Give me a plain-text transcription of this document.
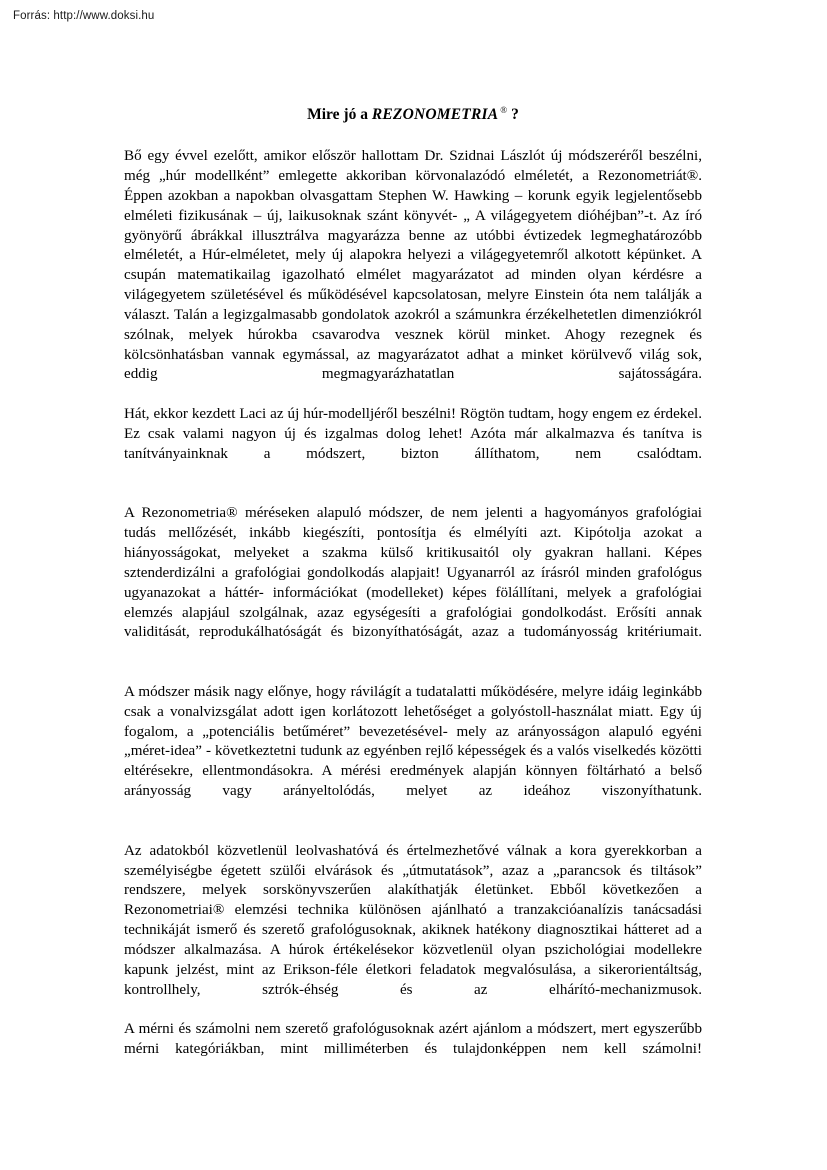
Forrás: http://www.doksi.hu
Mire jó a REZONOMETRIA ® ?

Bő egy évvel ezelőtt, amikor először hallottam Dr. Szidnai Lászlót új módszeréről beszélni, még „húr modellként” emlegette akkoriban körvonalazódó elméletét, a Rezonometriát®. Éppen azokban a napokban olvasgattam Stephen W. Hawking – korunk egyik legjelentősebb elméleti fizikusának – új, laikusoknak szánt könyvét- „ A világegyetem dióhéjban”-t. Az író gyönyörű ábrákkal illusztrálva magyarázza benne az utóbbi évtizedek legmeghatározóbb elméletét, a Húr-elméletet, mely új alapokra helyezi a világegyetemről alkotott képünket. A csupán matematikailag igazolható elmélet magyarázatot ad minden olyan kérdésre a világegyetem születésével és működésével kapcsolatosan, melyre Einstein óta nem találják a választ. Talán a legizgalmasabb gondolatok azokról a számunkra érzékelhetetlen dimenziókról szólnak, melyek húrokba csavarodva vesznek körül minket. Ahogy rezegnek és kölcsönhatásban vannak egymással, az magyarázatot adhat a minket körülvevő világ sok, eddig megmagyarázhatatlan sajátosságára.

Hát, ekkor kezdett Laci az új húr-modelljéről beszélni! Rögtön tudtam, hogy engem ez érdekel. Ez csak valami nagyon új és izgalmas dolog lehet! Azóta már alkalmazva és tanítva is tanítványainknak a módszert, bizton állíthatom, nem csalódtam.

A Rezonometria® méréseken alapuló módszer, de nem jelenti a hagyományos grafológiai tudás mellőzését, inkább kiegészíti, pontosítja és elmélyíti azt. Kipótolja azokat a hiányosságokat, melyeket a szakma külső kritikusaitól oly gyakran hallani. Képes sztenderdizálni a grafológiai gondolkodás alapjait! Ugyanarról az írásról minden grafológus ugyanazokat a háttér- információkat (modelleket) képes fölállítani, melyek a grafológiai elemzés alapjául szolgálnak, azaz egységesíti a grafológiai gondolkodást. Erősíti annak validitását, reprodukálhatóságát és bizonyíthatóságát, azaz a tudományosság kritériumait.

A módszer másik nagy előnye, hogy rávilágít a tudatalatti működésére, melyre idáig leginkább csak a vonalvizsgálat adott igen korlátozott lehetőséget a golyóstoll-használat miatt. Egy új fogalom, a „potenciális betűméret” bevezetésével- mely az arányosságon alapuló egyéni „méret-idea” - következtetni tudunk az egyénben rejlő képességek és a valós viselkedés közötti eltérésekre, ellentmondásokra. A mérési eredmények alapján könnyen föltárható a belső arányosság vagy arányeltolódás, melyet az ideához viszonyíthatunk.

Az adatokból közvetlenül leolvashatóvá és értelmezhetővé válnak a kora gyerekkorban a személyiségbe égetett szülői elvárások és „útmutatások”, azaz a „parancsok és tiltások” rendszere, melyek sorskönyvszerűen alakíthatják életünket. Ebből következően a Rezonometriai® elemzési technika különösen ajánlható a tranzakcióanalízis tanácsadási technikáját ismerő és szerető grafológusoknak, akiknek hatékony diagnosztikai hátteret ad a módszer alkalmazása. A húrok értékelésekor közvetlenül olyan pszichológiai modellekre kapunk jelzést, mint az Erikson-féle életkori feladatok megvalósulása, a sikerorientáltság, kontrollhely, sztrók-éhség és az elhárító-mechanizmusok.

A mérni és számolni nem szerető grafológusoknak azért ajánlom a módszert, mert egyszerűbb mérni kategóriákban, mint milliméterben és tulajdonképpen nem kell számolni!
